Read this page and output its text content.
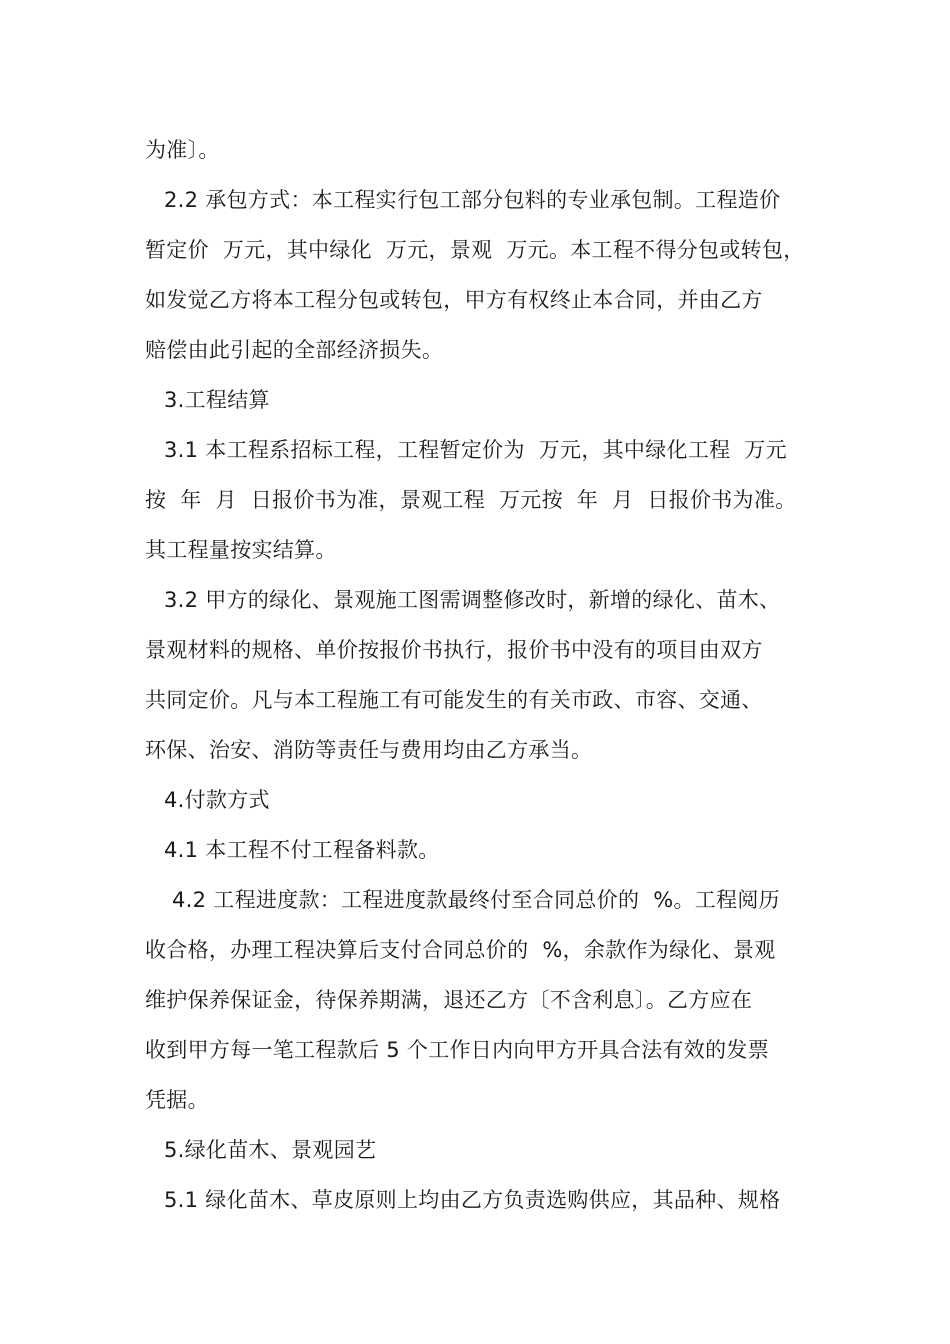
为准〕。
2.2 承包方式：本工程实行包工部分包料的专业承包制。工程造价
暂定价  万元，其中绿化  万元，景观  万元。本工程不得分包或转包，
如发觉乙方将本工程分包或转包，甲方有权终止本合同，并由乙方
赔偿由此引起的全部经济损失。
3.工程结算
3.1 本工程系招标工程，工程暂定价为  万元，其中绿化工程  万元
按  年  月  日报价书为准，景观工程  万元按  年  月  日报价书为准。
其工程量按实结算。
3.2 甲方的绿化、景观施工图需调整修改时，新增的绿化、苗木、
景观材料的规格、单价按报价书执行，报价书中没有的项目由双方
共同定价。凡与本工程施工有可能发生的有关市政、市容、交通、
环保、治安、消防等责任与费用均由乙方承当。
4.付款方式
4.1 本工程不付工程备料款。
4.2 工程进度款：工程进度款最终付至合同总价的  %。工程阅历
收合格，办理工程决算后支付合同总价的  %，余款作为绿化、景观
维护保养保证金，待保养期满，退还乙方〔不含利息〕。乙方应在
收到甲方每一笔工程款后 5 个工作日内向甲方开具合法有效的发票
凭据。
5.绿化苗木、景观园艺
5.1 绿化苗木、草皮原则上均由乙方负责选购供应，其品种、规格
